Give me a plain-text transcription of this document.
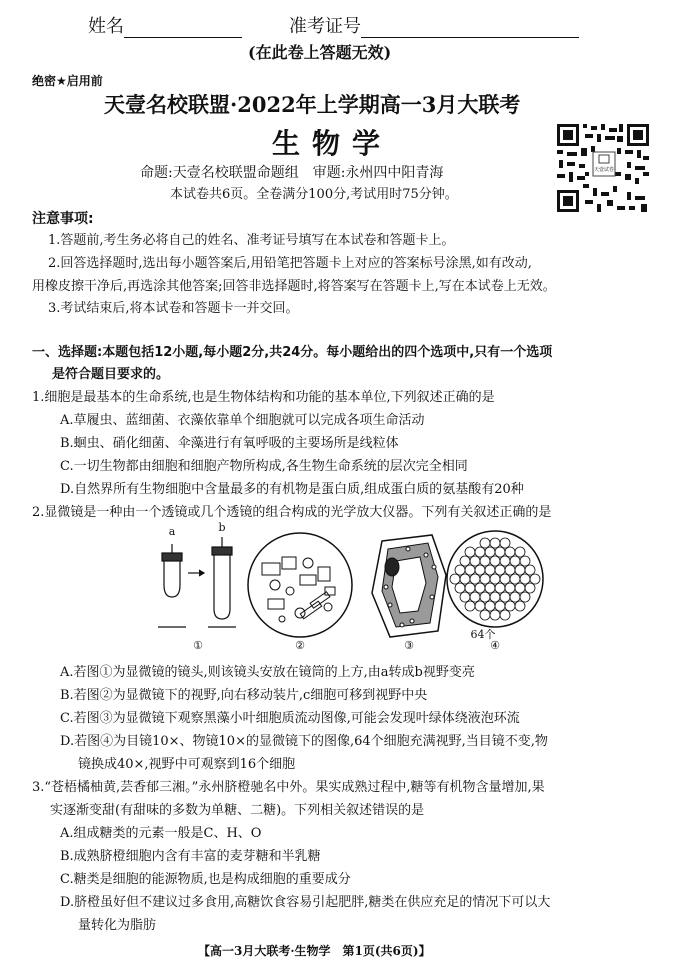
姓名	准考证号
(在此卷上答题无效)
绝密★启用前
天壹名校联盟·2022年上学期高一3月大联考
生物学
命题:天壹名校联盟命题组　审题:永州四中阳青海
本试卷共6页。全卷满分100分,考试用时75分钟。
天壹试卷
注意事项:
1.答题前,考生务必将自己的姓名、准考证号填写在本试卷和答题卡上。
2.回答选择题时,选出每小题答案后,用铅笔把答题卡上对应的答案标号涂黑,如有改动,
用橡皮擦干净后,再选涂其他答案;回答非选择题时,将答案写在答题卡上,写在本试卷上无效。
3.考试结束后,将本试卷和答题卡一并交回。
一、选择题:本题包括12小题,每小题2分,共24分。每小题给出的四个选项中,只有一个选项
是符合题目要求的。
1.细胞是最基本的生命系统,也是生物体结构和功能的基本单位,下列叙述正确的是
A.草履虫、蓝细菌、衣藻依靠单个细胞就可以完成各项生命活动
B.蛔虫、硝化细菌、伞藻进行有氧呼吸的主要场所是线粒体
C.一切生物都由细胞和细胞产物所构成,各生物生命系统的层次完全相同
D.自然界所有生物细胞中含量最多的有机物是蛋白质,组成蛋白质的氨基酸有20种
2.显微镜是一种由一个透镜或几个透镜的组合构成的光学放大仪器。下列有关叙述正确的是
a	b
①	②	③
64个
④
A.若图①为显微镜的镜头,则该镜头安放在镜筒的上方,由a转成b视野变亮
B.若图②为显微镜下的视野,向右移动装片,c细胞可移到视野中央
C.若图③为显微镜下观察黑藻小叶细胞质流动图像,可能会发现叶绿体绕液泡环流
D.若图④为目镜10×、物镜10×的显微镜下的图像,64个细胞充满视野,当目镜不变,物
镜换成40×,视野中可观察到16个细胞
3.“苍梧橘柚黄,芸香郁三湘。”永州脐橙驰名中外。果实成熟过程中,糖等有机物含量增加,果
实逐渐变甜(有甜味的多数为单糖、二糖)。下列相关叙述错误的是
A.组成糖类的元素一般是C、H、O
B.成熟脐橙细胞内含有丰富的麦芽糖和半乳糖
C.糖类是细胞的能源物质,也是构成细胞的重要成分
D.脐橙虽好但不建议过多食用,高糖饮食容易引起肥胖,糖类在供应充足的情况下可以大
量转化为脂肪
【高一3月大联考·生物学　第1页(共6页)】
